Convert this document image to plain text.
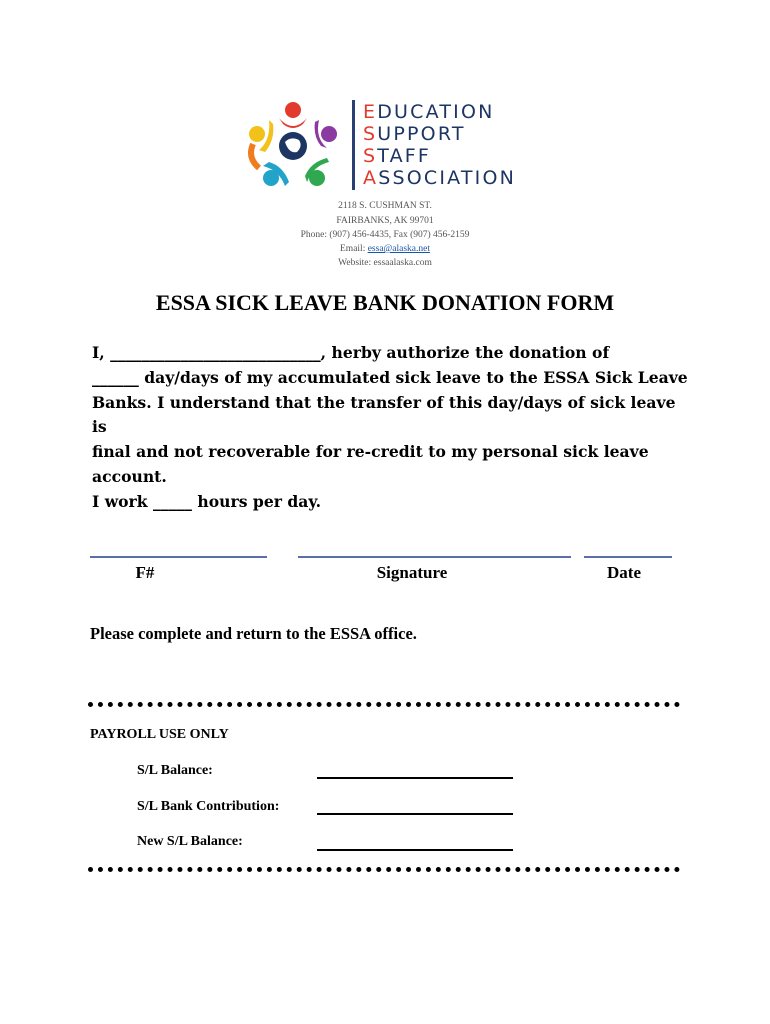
EDUCATION
SUPPORT
STAFF
ASSOCIATION
2118 S. CUSHMAN ST.
FAIRBANKS, AK 99701
Phone: (907) 456-4435, Fax (907) 456-2159
Email: essa@alaska.net
Website: essaalaska.com
ESSA SICK LEAVE BANK DONATION FORM
I, ___________________________, herby authorize the donation of
______ day/days of my accumulated sick leave to the ESSA Sick Leave
Banks. I understand that the transfer of this day/days of sick leave is
final and not recoverable for re-credit to my personal sick leave account.
I work _____ hours per day.
F#	Signature	Date
Please complete and return to the ESSA office.
PAYROLL USE ONLY
S/L Balance:
S/L Bank Contribution:
New S/L Balance:
